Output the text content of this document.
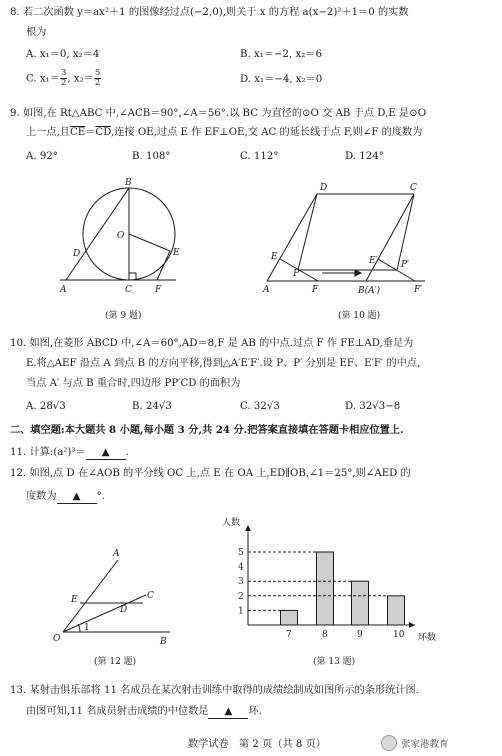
8. 若二次函数 y＝ax²＋1 的图像经过点(−2,0),则关于 x 的方程 a(x−2)²＋1＝0 的实数
根为
A. x₁＝0, x₂＝4	B. x₁＝−2, x₂＝6
C. $x_1= \frac{3}{2}$ , $x_2= \frac{5}{2}$	D. x₁＝−4, x₂＝0
9. 如图,在 Rt△ABC 中,∠ACB＝90°,∠A＝56°.以 BC 为直径的⊙O 交 AB 于点 D,E 是⊙O
上一点,且$\overline{CE}=\overline{CD}$,连接 OE,过点 E 作 EF⊥OE,交 AC 的延长线于点 F,则∠F 的度数为
A. 92°	B. 108°	C. 112°	D. 124°
B
O
D	E
A	C	F
(第 9 题)
D	C
E	E′
P
P′
A	F	B(A′)	F′
(第 10 题)
A
E
D
C
O	B
1
(第 12 题)
7	8	9	10
1
2
3
4
5
人数
环数
(第 13 题)
10. 如图,在菱形 ABCD 中,∠A＝60°,AD＝8,F 是 AB 的中点.过点 F 作 FE⊥AD,垂足为
E.将△AEF 沿点 A 到点 B 的方向平移,得到△A′E′F′.设 P、P′ 分别是 EF、E′F′ 的中点,
当点 A′ 与点 B 重合时,四边形 PP′CD 的面积为
A. 28√3	B. 24√3	C. 32√3	D. 32√3−8
二、填空题:本大题共 8 小题,每小题 3 分,共 24 分.把答案直接填在答题卡相应位置上.
11. 计算:(a²)³＝ ▲ .
12. 如图,点 D 在∠AOB 的平分线 OC 上,点 E 在 OA 上,ED∥OB,∠1＝25°,则∠AED 的
度数为 ▲ °.
13. 某射击俱乐部将 11 名成员在某次射击训练中取得的成绩绘制成如图所示的条形统计图.
由图可知,11 名成员射击成绩的中位数是 ▲ 环.
数学试卷　第 2 页（共 8 页）	张家港教育
